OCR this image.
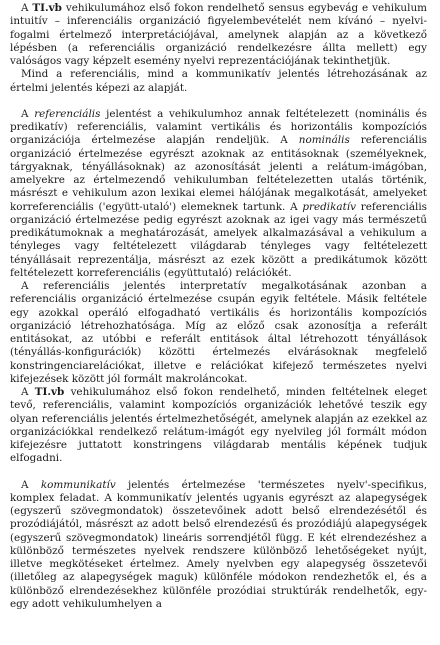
A TI.vb vehikulumához első fokon rendelhető sensus egybevág e vehikulum intuitív – inferenciális organizáció figyelembevételét nem kívánó – nyelvi-fogalmi értelmező interpretációjával, amelynek alapján az a következő lépésben (a referenciális organizáció rendelkezésre állta mellett) egy valóságos vagy képzelt esemény nyelvi reprezentációjának tekinthetjük.

Mind a referenciális, mind a kommunikatív jelentés létrehozásának az értelmi jelentés képezi az alapját.

A referenciális jelentést a vehikulumhoz annak feltételezett (nominális és predikatív) referenciális, valamint vertikális és horizontális kompozíciós organizációja értelmezése alapján rendeljük. A nominális referenciális organizáció értelmezése egyrészt azoknak az entitásoknak (személyeknek, tárgyaknak, tényállásoknak) az azonosítását jelenti a relátum-imágóban, amelyekre az értelmezendő vehikulumban feltételezetten utalás történik, másrészt e vehikulum azon lexikai elemei hálójának megalkotását, amelyeket korreferenciális ('együtt-utaló') elemeknek tartunk. A predikatív referenciális organizáció értelmezése pedig egyrészt azoknak az igei vagy más természetű predikátumoknak a meghatározását, amelyek alkalmazásával a vehikulum a tényleges vagy feltételezett világdarab tényleges vagy feltételezett tényállásait reprezentálja, másrészt az ezek között a predikátumok között feltételezett korreferenciális (együttutaló) relációkét.

A referenciális jelentés interpretatív megalkotásának azonban a referenciális organizáció értelmezése csupán egyik feltétele. Másik feltétele egy azokkal operáló elfogadható vertikális és horizontális kompozíciós organizáció létrehozhatósága. Míg az előző csak azonosítja a referált entitásokat, az utóbbi e referált entitások által létrehozott tényállások (tényállás-konfigurációk) közötti értelmezés elvárásoknak megfelelő konstringenciarelációkat, illetve e relációkat kifejező természetes nyelvi kifejezések között jól formált makroláncokat.

A TI.vb vehikulumához első fokon rendelhető, minden feltételnek eleget tevő, referenciális, valamint kompozíciós organizációk lehetővé teszik egy olyan referenciális jelentés értelmezhetőségét, amelynek alapján az ezekkel az organizációkkal rendelkező relátum-imágót egy nyelvileg jól formált módon kifejezésre juttatott konstringens világdarab mentális képének tudjuk elfogadni.

A kommunikatív jelentés értelmezése 'természetes nyelv'-specifikus, komplex feladat. A kommunikatív jelentés ugyanis egyrészt az alapegységek (egyszerű szövegmondatok) összetevőinek adott belső elrendezésétől és prozódiájától, másrészt az adott belső elrendezésű és prozódiájú alapegységek (egyszerű szövegmondatok) lineáris sorrendjétől függ. E két elrendezéshez a különböző természetes nyelvek rendszere különböző lehetőségeket nyújt, illetve megkötéseket értelmez. Amely nyelvben egy alapegység összetevői (illetőleg az alapegységek maguk) különféle módokon rendezhetők el, és a különböző elrendezésekhez különféle prozódiai struktúrák rendelhetők, egy-egy adott vehikulumhelyen a
